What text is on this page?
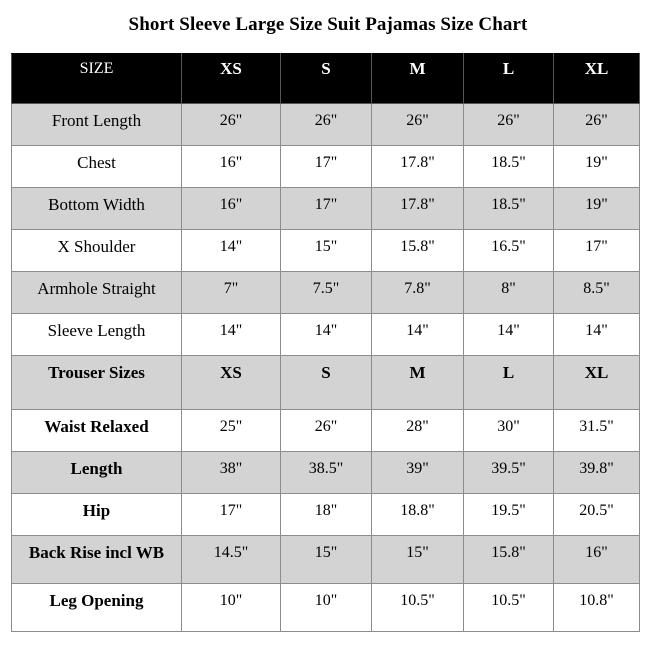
Short Sleeve Large Size Suit Pajamas Size Chart
SIZE	XS	S	M	L	XL
Front Length	26"	26"	26"	26"	26"
Chest	16"	17"	17.8"	18.5"	19"
Bottom Width	16"	17"	17.8"	18.5"	19"
X Shoulder	14"	15"	15.8"	16.5"	17"
Armhole Straight	7"	7.5"	7.8"	8"	8.5"
Sleeve Length	14"	14"	14"	14"	14"
Trouser Sizes	XS	S	M	L	XL
Waist Relaxed	25"	26"	28"	30"	31.5"
Length	38"	38.5"	39"	39.5"	39.8"
Hip	17"	18"	18.8"	19.5"	20.5"
Back Rise incl WB	14.5"	15"	15"	15.8"	16"
Leg Opening	10"	10"	10.5"	10.5"	10.8"
